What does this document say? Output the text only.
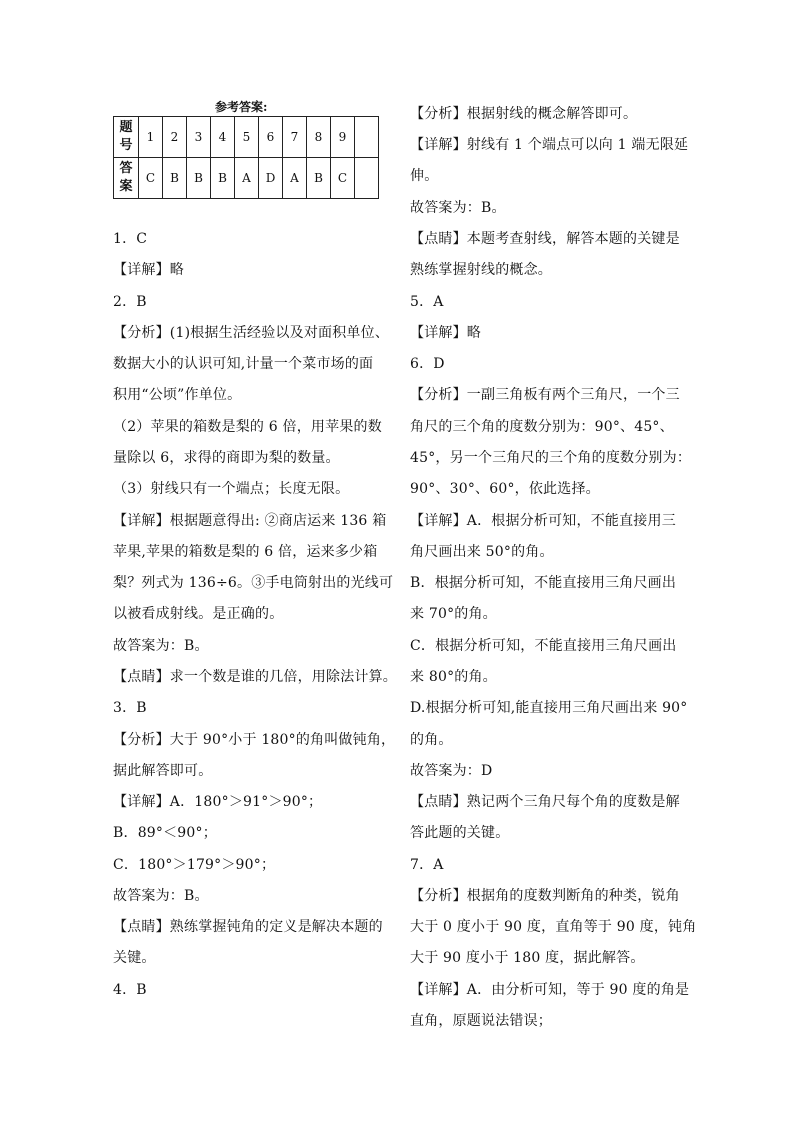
参考答案:
题
号	1	2	3	4	5	6	7	8	9	

答
案	C	B	B	B	A	D	A	B	C	
1．C
【详解】略
2．B
【分析】(1)根据生活经验以及对面积单位、
数据大小的认识可知,计量一个菜市场的面
积用“公顷”作单位。
（2）苹果的箱数是梨的 6 倍，用苹果的数
量除以 6，求得的商即为梨的数量。
（3）射线只有一个端点；长度无限。
【详解】根据题意得出: ②商店运来 136 箱
苹果,苹果的箱数是梨的 6 倍，运来多少箱
梨？列式为 136÷6。③手电筒射出的光线可
以被看成射线。是正确的。
故答案为：B。
【点睛】求一个数是谁的几倍，用除法计算。
3．B
【分析】大于 90°小于 180°的角叫做钝角，
据此解答即可。
【详解】A．180°＞91°＞90°；
B．89°＜90°；
C．180°＞179°＞90°；
故答案为：B。
【点睛】熟练掌握钝角的定义是解决本题的
关键。
4．B
【分析】根据射线的概念解答即可。
【详解】射线有 1 个端点可以向 1 端无限延
伸。
故答案为：B。
【点睛】本题考查射线，解答本题的关键是
熟练掌握射线的概念。
5．A
【详解】略
6．D
【分析】一副三角板有两个三角尺，一个三
角尺的三个角的度数分别为：90°、45°、
45°，另一个三角尺的三个角的度数分别为：
90°、30°、60°，依此选择。
【详解】A．根据分析可知，不能直接用三
角尺画出来 50°的角。
B．根据分析可知，不能直接用三角尺画出
来 70°的角。
C．根据分析可知，不能直接用三角尺画出
来 80°的角。
D.根据分析可知,能直接用三角尺画出来 90°
的角。
故答案为：D
【点睛】熟记两个三角尺每个角的度数是解
答此题的关键。
7．A
【分析】根据角的度数判断角的种类，锐角
大于 0 度小于 90 度，直角等于 90 度，钝角
大于 90 度小于 180 度，据此解答。
【详解】A．由分析可知，等于 90 度的角是
直角，原题说法错误；
